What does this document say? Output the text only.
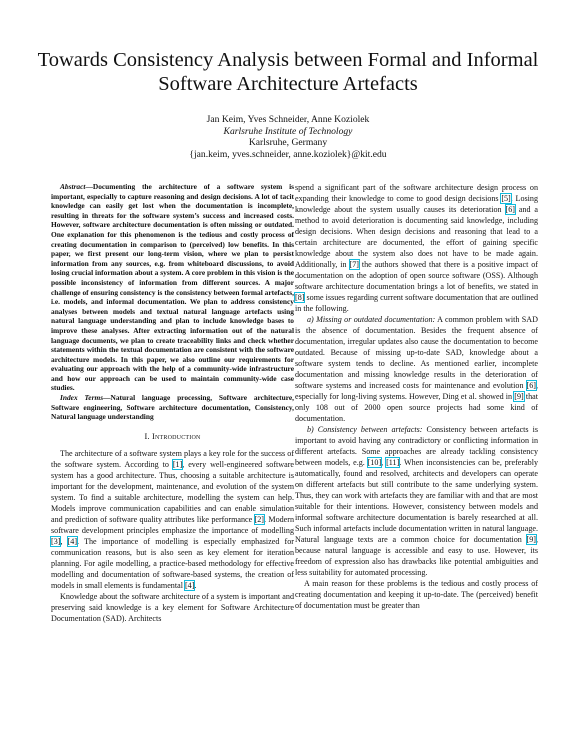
Towards Consistency Analysis between Formal and Informal Software Architecture Artefacts
Jan Keim, Yves Schneider, Anne Koziolek
Karlsruhe Institute of Technology
Karlsruhe, Germany
{jan.keim, yves.schneider, anne.koziolek}@kit.edu

Abstract—Documenting the architecture of a software system is important, especially to capture reasoning and design decisions. A lot of tacit knowledge can easily get lost when the documentation is incomplete, resulting in threats for the software system’s success and increased costs. However, software architecture documentation is often missing or outdated. One explanation for this phenomenon is the tedious and costly process of creating documentation in comparison to (perceived) low benefits. In this paper, we first present our long-term vision, where we plan to persist information from any sources, e.g. from whiteboard discussions, to avoid losing crucial information about a system. A core problem in this vision is the possible inconsistency of information from different sources. A major challenge of ensuring consistency is the consistency between formal artefacts, i.e. models, and informal documentation. We plan to address consistency analyses between models and textual natural language artefacts using natural language understanding and plan to include knowledge bases to improve these analyses. After extracting information out of the natural language documents, we plan to create traceability links and check whether statements within the textual documentation are consistent with the software architecture models. In this paper, we also outline our requirements for evaluating our approach with the help of a community-wide infrastructure and how our approach can be used to maintain community-wide case studies.

Index Terms—Natural language processing, Software architecture, Software engineering, Software architecture documentation, Consistency, Natural language understanding

I. Introduction

The architecture of a software system plays a key role for the success of the software system. According to [1], every well-engineered software system has a good architecture. Thus, choosing a suitable architecture is important for the development, maintenance, and evolution of the system system. To find a suitable architecture, modelling the system can help. Models improve communication capabilities and can enable simulation and prediction of software quality attributes like performance [2]. Modern software development principles emphasize the importance of modelling [3], [4]. The importance of modelling is especially emphasized for communication reasons, but is also seen as key element for iteration planning. For agile modelling, a practice-based methodology for effective modelling and documentation of software-based systems, the creation of models in small elements is fundamental [4].

Knowledge about the software architecture of a system is important and preserving said knowledge is a key element for Software Architecture Documentation (SAD). Architects

spend a significant part of the software architecture design process on expanding their knowledge to come to good design decisions [5]. Losing knowledge about the system usually causes its deterioration [6] and a method to avoid deterioration is documenting said knowledge, including design decisions. When design decisions and reasoning that lead to a certain architecture are documented, the effort of gaining specific knowledge about the system also does not have to be made again. Additionally, in [7] the authors showed that there is a positive impact of documentation on the adoption of open source software (OSS). Although software architecture documentation brings a lot of benefits, we stated in [8] some issues regarding current software documentation that are outlined in the following.

a) Missing or outdated documentation: A common problem with SAD is the absence of documentation. Besides the frequent absence of documentation, irregular updates also cause the documentation to become outdated. Because of missing up-to-date SAD, knowledge about a software system tends to decline. As mentioned earlier, incomplete documentation and missing knowledge results in the deterioration of software systems and increased costs for maintenance and evolution [6], especially for long-living systems. However, Ding et al. showed in [9] that only 108 out of 2000 open source projects had some kind of documentation.

b) Consistency between artefacts: Consistency between artefacts is important to avoid having any contradictory or conflicting information in different artefacts. Some approaches are already tackling consistency between models, e.g. [10], [11]. When inconsistencies can be, preferably automatically, found and resolved, architects and developers can operate on different artefacts but still contribute to the same underlying system. Thus, they can work with artefacts they are familiar with and that are most suitable for their intentions. However, consistency between models and informal software architecture documentation is barely researched at all. Such informal artefacts include documentation written in natural language. Natural language texts are a common choice for documentation [9], because natural language is accessible and easy to use. However, its freedom of expression also has drawbacks like potential ambiguities and less suitability for automated processing.

A main reason for these problems is the tedious and costly process of creating documentation and keeping it up-to-date. The (perceived) benefit of documentation must be greater than
